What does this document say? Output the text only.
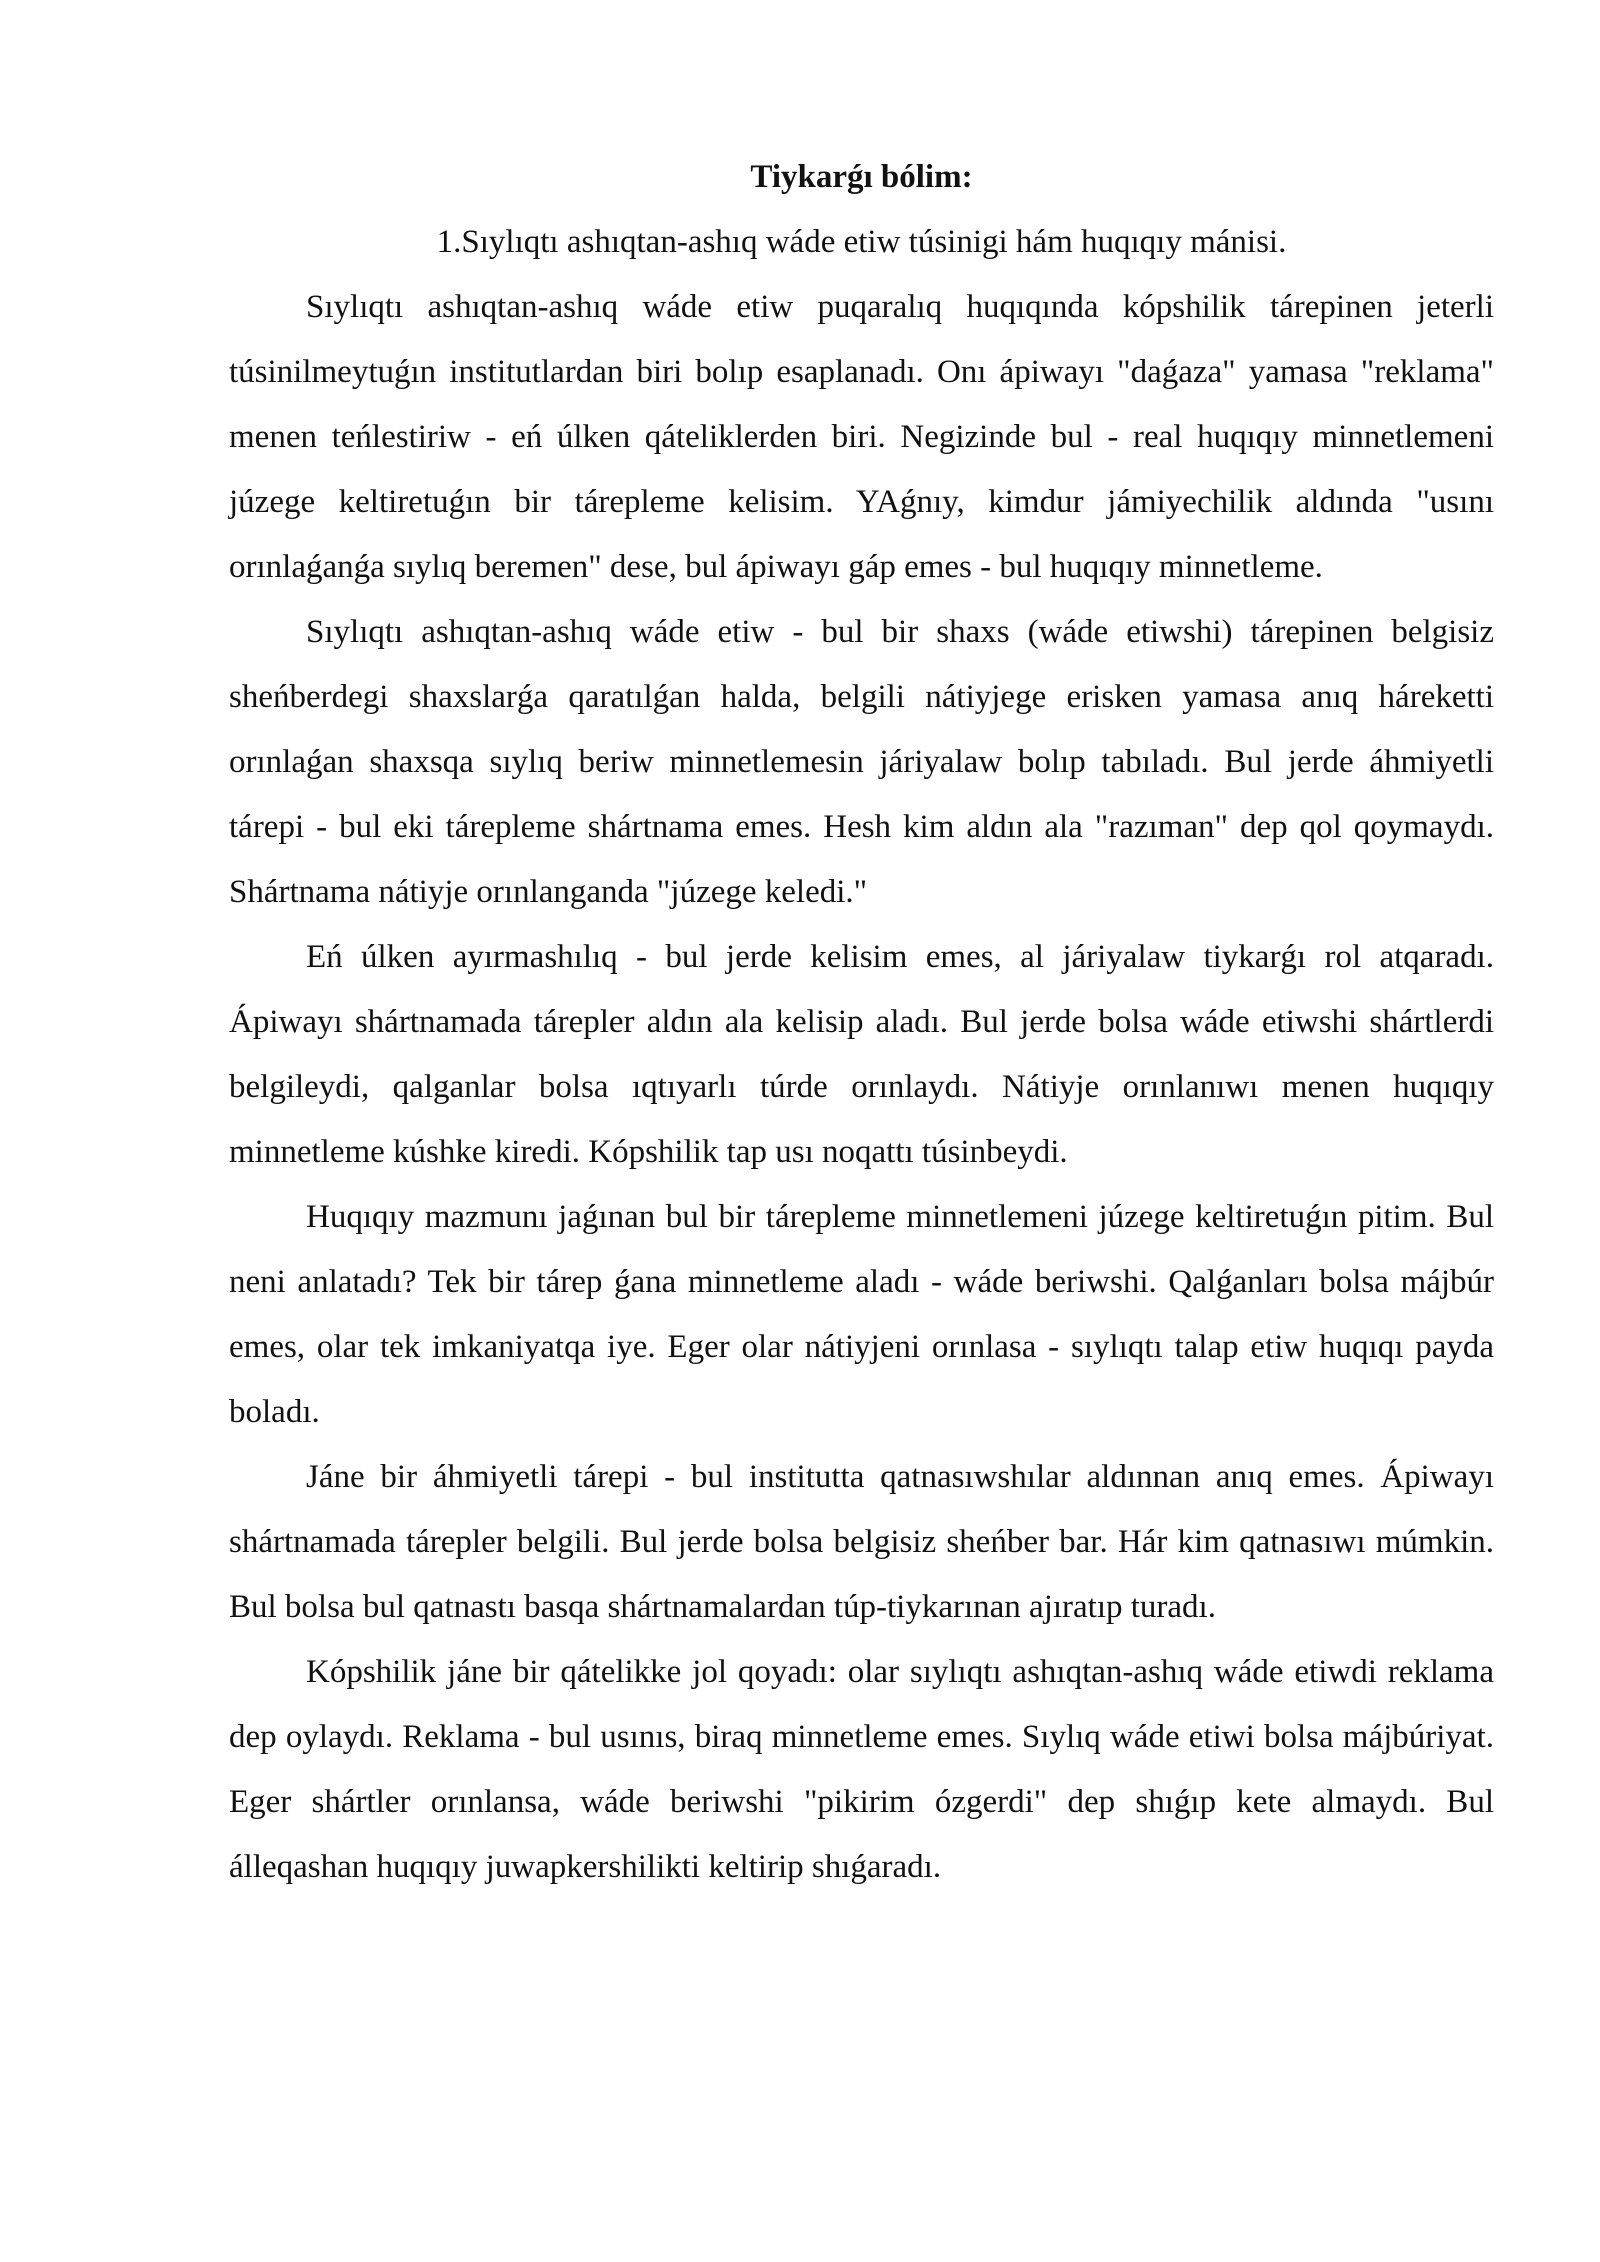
Tiykarǵı bólim:

1.Sıylıqtı ashıqtan-ashıq wáde etiw túsinigi hám huqıqıy mánisi.

Sıylıqtı ashıqtan-ashıq wáde etiw puqaralıq huqıqında kópshilik tárepinen jeterli túsinilmeytuǵın institutlardan biri bolıp esaplanadı. Onı ápiwayı "daǵaza" yamasa "reklama" menen teńlestiriw - eń úlken qáteliklerden biri. Negizinde bul - real huqıqıy minnetlemeni júzege keltiretuǵın bir tárepleme kelisim. YAǵnıy, kimdur jámiyechilik aldında "usını orınlaǵanǵa sıylıq beremen" dese, bul ápiwayı gáp emes - bul huqıqıy minnetleme.

Sıylıqtı ashıqtan-ashıq wáde etiw - bul bir shaxs (wáde etiwshi) tárepinen belgisiz sheńberdegi shaxslarǵa qaratılǵan halda, belgili nátiyjege erisken yamasa anıq háreketti orınlaǵan shaxsqa sıylıq beriw minnetlemesin járiyalaw bolıp tabıladı. Bul jerde áhmiyetli tárepi - bul eki tárepleme shártnama emes. Hesh kim aldın ala "razıman" dep qol qoymaydı. Shártnama nátiyje orınlanganda "júzege keledi."

Eń úlken ayırmashılıq - bul jerde kelisim emes, al járiyalaw tiykarǵı rol atqaradı. Ápiwayı shártnamada tárepler aldın ala kelisip aladı. Bul jerde bolsa wáde etiwshi shártlerdi belgileydi, qalganlar bolsa ıqtıyarlı túrde orınlaydı. Nátiyje orınlanıwı menen huqıqıy minnetleme kúshke kiredi. Kópshilik tap usı noqattı túsinbeydi.

Huqıqıy mazmunı jaǵınan bul bir tárepleme minnetlemeni júzege keltiretuǵın pitim. Bul neni anlatadı? Tek bir tárep ǵana minnetleme aladı - wáde beriwshi. Qalǵanları bolsa májbúr emes, olar tek imkaniyatqa iye. Eger olar nátiyjeni orınlasa - sıylıqtı talap etiw huqıqı payda boladı.

Jáne bir áhmiyetli tárepi - bul institutta qatnasıwshılar aldınnan anıq emes. Ápiwayı shártnamada tárepler belgili. Bul jerde bolsa belgisiz sheńber bar. Hár kim qatnasıwı múmkin. Bul bolsa bul qatnastı basqa shártnamalardan túp-tiykarınan ajıratıp turadı.

Kópshilik jáne bir qátelikke jol qoyadı: olar sıylıqtı ashıqtan-ashıq wáde etiwdi reklama dep oylaydı. Reklama - bul usınıs, biraq minnetleme emes. Sıylıq wáde etiwi bolsa májbúriyat. Eger shártler orınlansa, wáde beriwshi "pikirim ózgerdi" dep shıǵıp kete almaydı. Bul álleqashan huqıqıy juwapkershilikti keltirip shıǵaradı.
